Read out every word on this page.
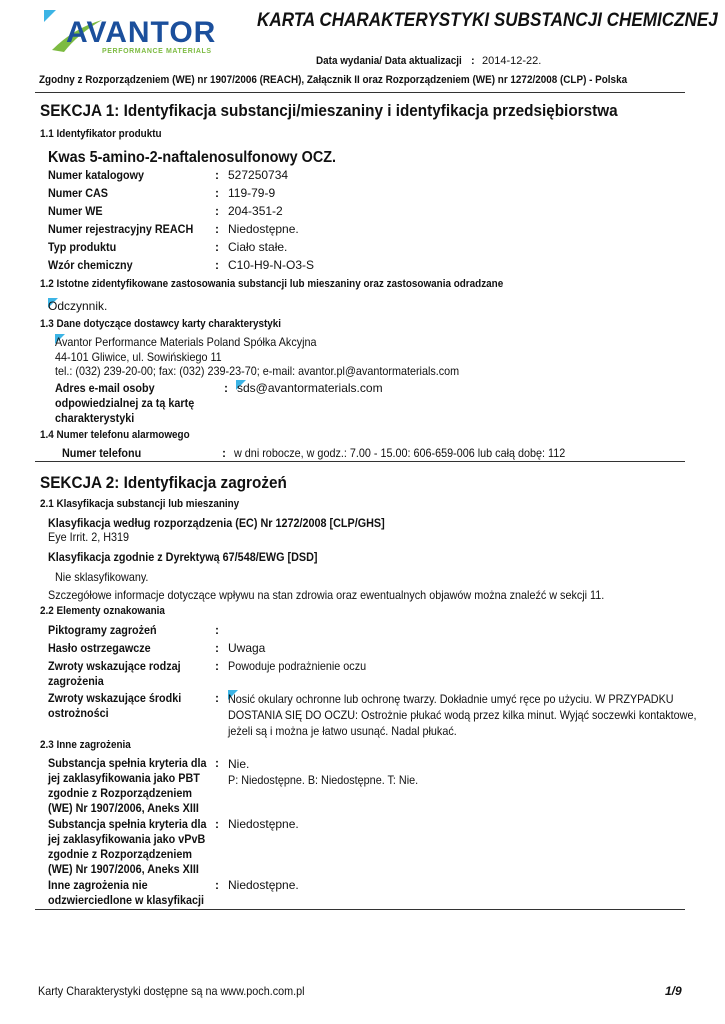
AVANTOR
PERFORMANCE MATERIALS
KARTA CHARAKTERYSTYKI SUBSTANCJI CHEMICZNEJ
Data wydania/ Data aktualizacji : 2014-12-22.
Zgodny z Rozporządzeniem (WE) nr 1907/2006 (REACH), Załącznik II oraz Rozporządzeniem (WE) nr 1272/2008 (CLP) - Polska
SEKCJA 1: Identyfikacja substancji/mieszaniny i identyfikacja przedsiębiorstwa
1.1 Identyfikator produktu
Kwas 5-amino-2-naftalenosulfonowy OCZ.
Numer katalogowy	: 527250734
Numer CAS	: 119-79-9
Numer WE	: 204-351-2
Numer rejestracyjny REACH	: Niedostępne.
Typ produktu	: Ciało stałe.
Wzór chemiczny	: C10-H9-N-O3-S
1.2 Istotne zidentyfikowane zastosowania substancji lub mieszaniny oraz zastosowania odradzane
Odczynnik.
1.3 Dane dotyczące dostawcy karty charakterystyki
Avantor Performance Materials Poland Spółka Akcyjna
44-101 Gliwice, ul. Sowińskiego 11
tel.: (032) 239-20-00; fax: (032) 239-23-70; e-mail: avantor.pl@avantormaterials.com
Adres e-mail osoby
odpowiedzialnej za tą kartę
charakterystyki
: sds@avantormaterials.com
1.4 Numer telefonu alarmowego
Numer telefonu	: w dni robocze, w godz.: 7.00 - 15.00: 606-659-006 lub całą dobę: 112
SEKCJA 2: Identyfikacja zagrożeń
2.1 Klasyfikacja substancji lub mieszaniny
Klasyfikacja według rozporządzenia (EC) Nr 1272/2008 [CLP/GHS]
Eye Irrit. 2, H319
Klasyfikacja zgodnie z Dyrektywą 67/548/EWG [DSD]
Nie sklasyfikowany.
Szczegółowe informacje dotyczące wpływu na stan zdrowia oraz ewentualnych objawów można znaleźć w sekcji 11.
2.2 Elementy oznakowania
Piktogramy zagrożeń	:
Hasło ostrzegawcze	: Uwaga
Zwroty wskazujące rodzaj
zagrożenia
: Powoduje podrażnienie oczu
Zwroty wskazujące środki
ostrożności
: Nosić okulary ochronne lub ochronę twarzy. Dokładnie umyć ręce po użyciu. W PRZYPADKU
DOSTANIA SIĘ DO OCZU: Ostrożnie płukać wodą przez kilka minut. Wyjąć soczewki kontaktowe,
jeżeli są i można je łatwo usunąć. Nadal płukać.
2.3 Inne zagrożenia
Substancja spełnia kryteria dla
jej zaklasyfikowania jako PBT
zgodnie z Rozporządzeniem
(WE) Nr 1907/2006, Aneks XIII
: Nie.
P: Niedostępne. B: Niedostępne. T: Nie.
Substancja spełnia kryteria dla
jej zaklasyfikowania jako vPvB
zgodnie z Rozporządzeniem
(WE) Nr 1907/2006, Aneks XIII
: Niedostępne.
Inne zagrożenia nie
odzwierciedlone w klasyfikacji
: Niedostępne.
Karty Charakterystyki dostępne są na www.poch.com.pl	1/9
